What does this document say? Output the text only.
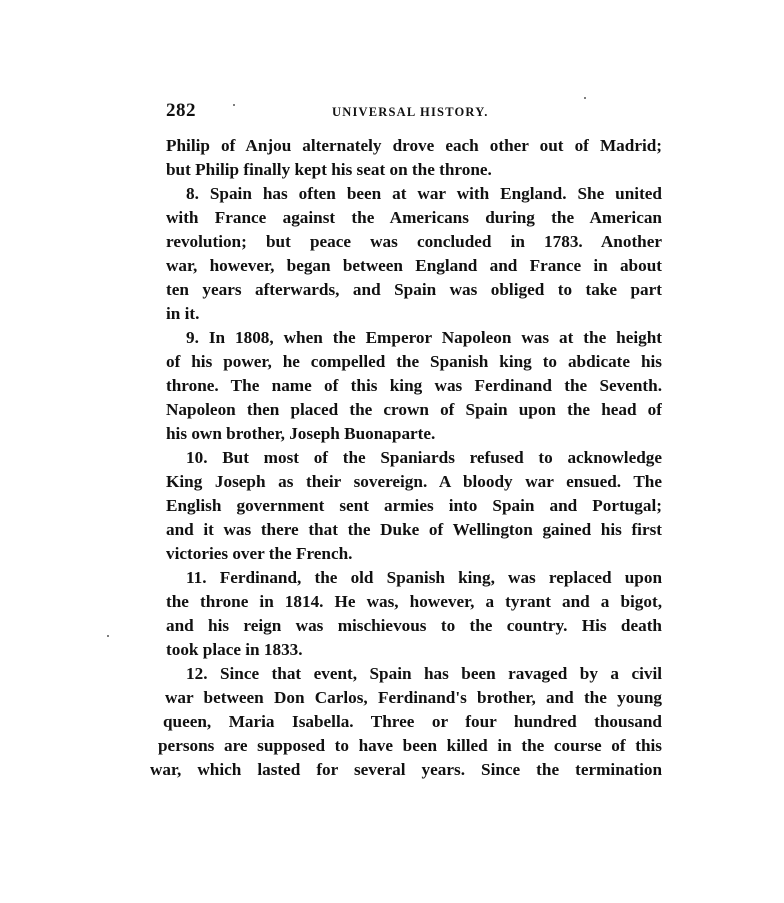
282	UNIVERSAL HISTORY.
Philip of Anjou alternately drove each other out of Madrid;
but Philip finally kept his seat on the throne.
8. Spain has often been at war with England. She united
with France against the Americans during the American
revolution; but peace was concluded in 1783. Another
war, however, began between England and France in about
ten years afterwards, and Spain was obliged to take part
in it.
9. In 1808, when the Emperor Napoleon was at the height
of his power, he compelled the Spanish king to abdicate his
throne. The name of this king was Ferdinand the Seventh.
Napoleon then placed the crown of Spain upon the head of
his own brother, Joseph Buonaparte.
10. But most of the Spaniards refused to acknowledge
King Joseph as their sovereign. A bloody war ensued. The
English government sent armies into Spain and Portugal;
and it was there that the Duke of Wellington gained his first
victories over the French.
11. Ferdinand, the old Spanish king, was replaced upon
the throne in 1814. He was, however, a tyrant and a bigot,
and his reign was mischievous to the country. His death
took place in 1833.
12. Since that event, Spain has been ravaged by a civil
war between Don Carlos, Ferdinand's brother, and the young
queen, Maria Isabella. Three or four hundred thousand
persons are supposed to have been killed in the course of this
war, which lasted for several years. Since the termination
